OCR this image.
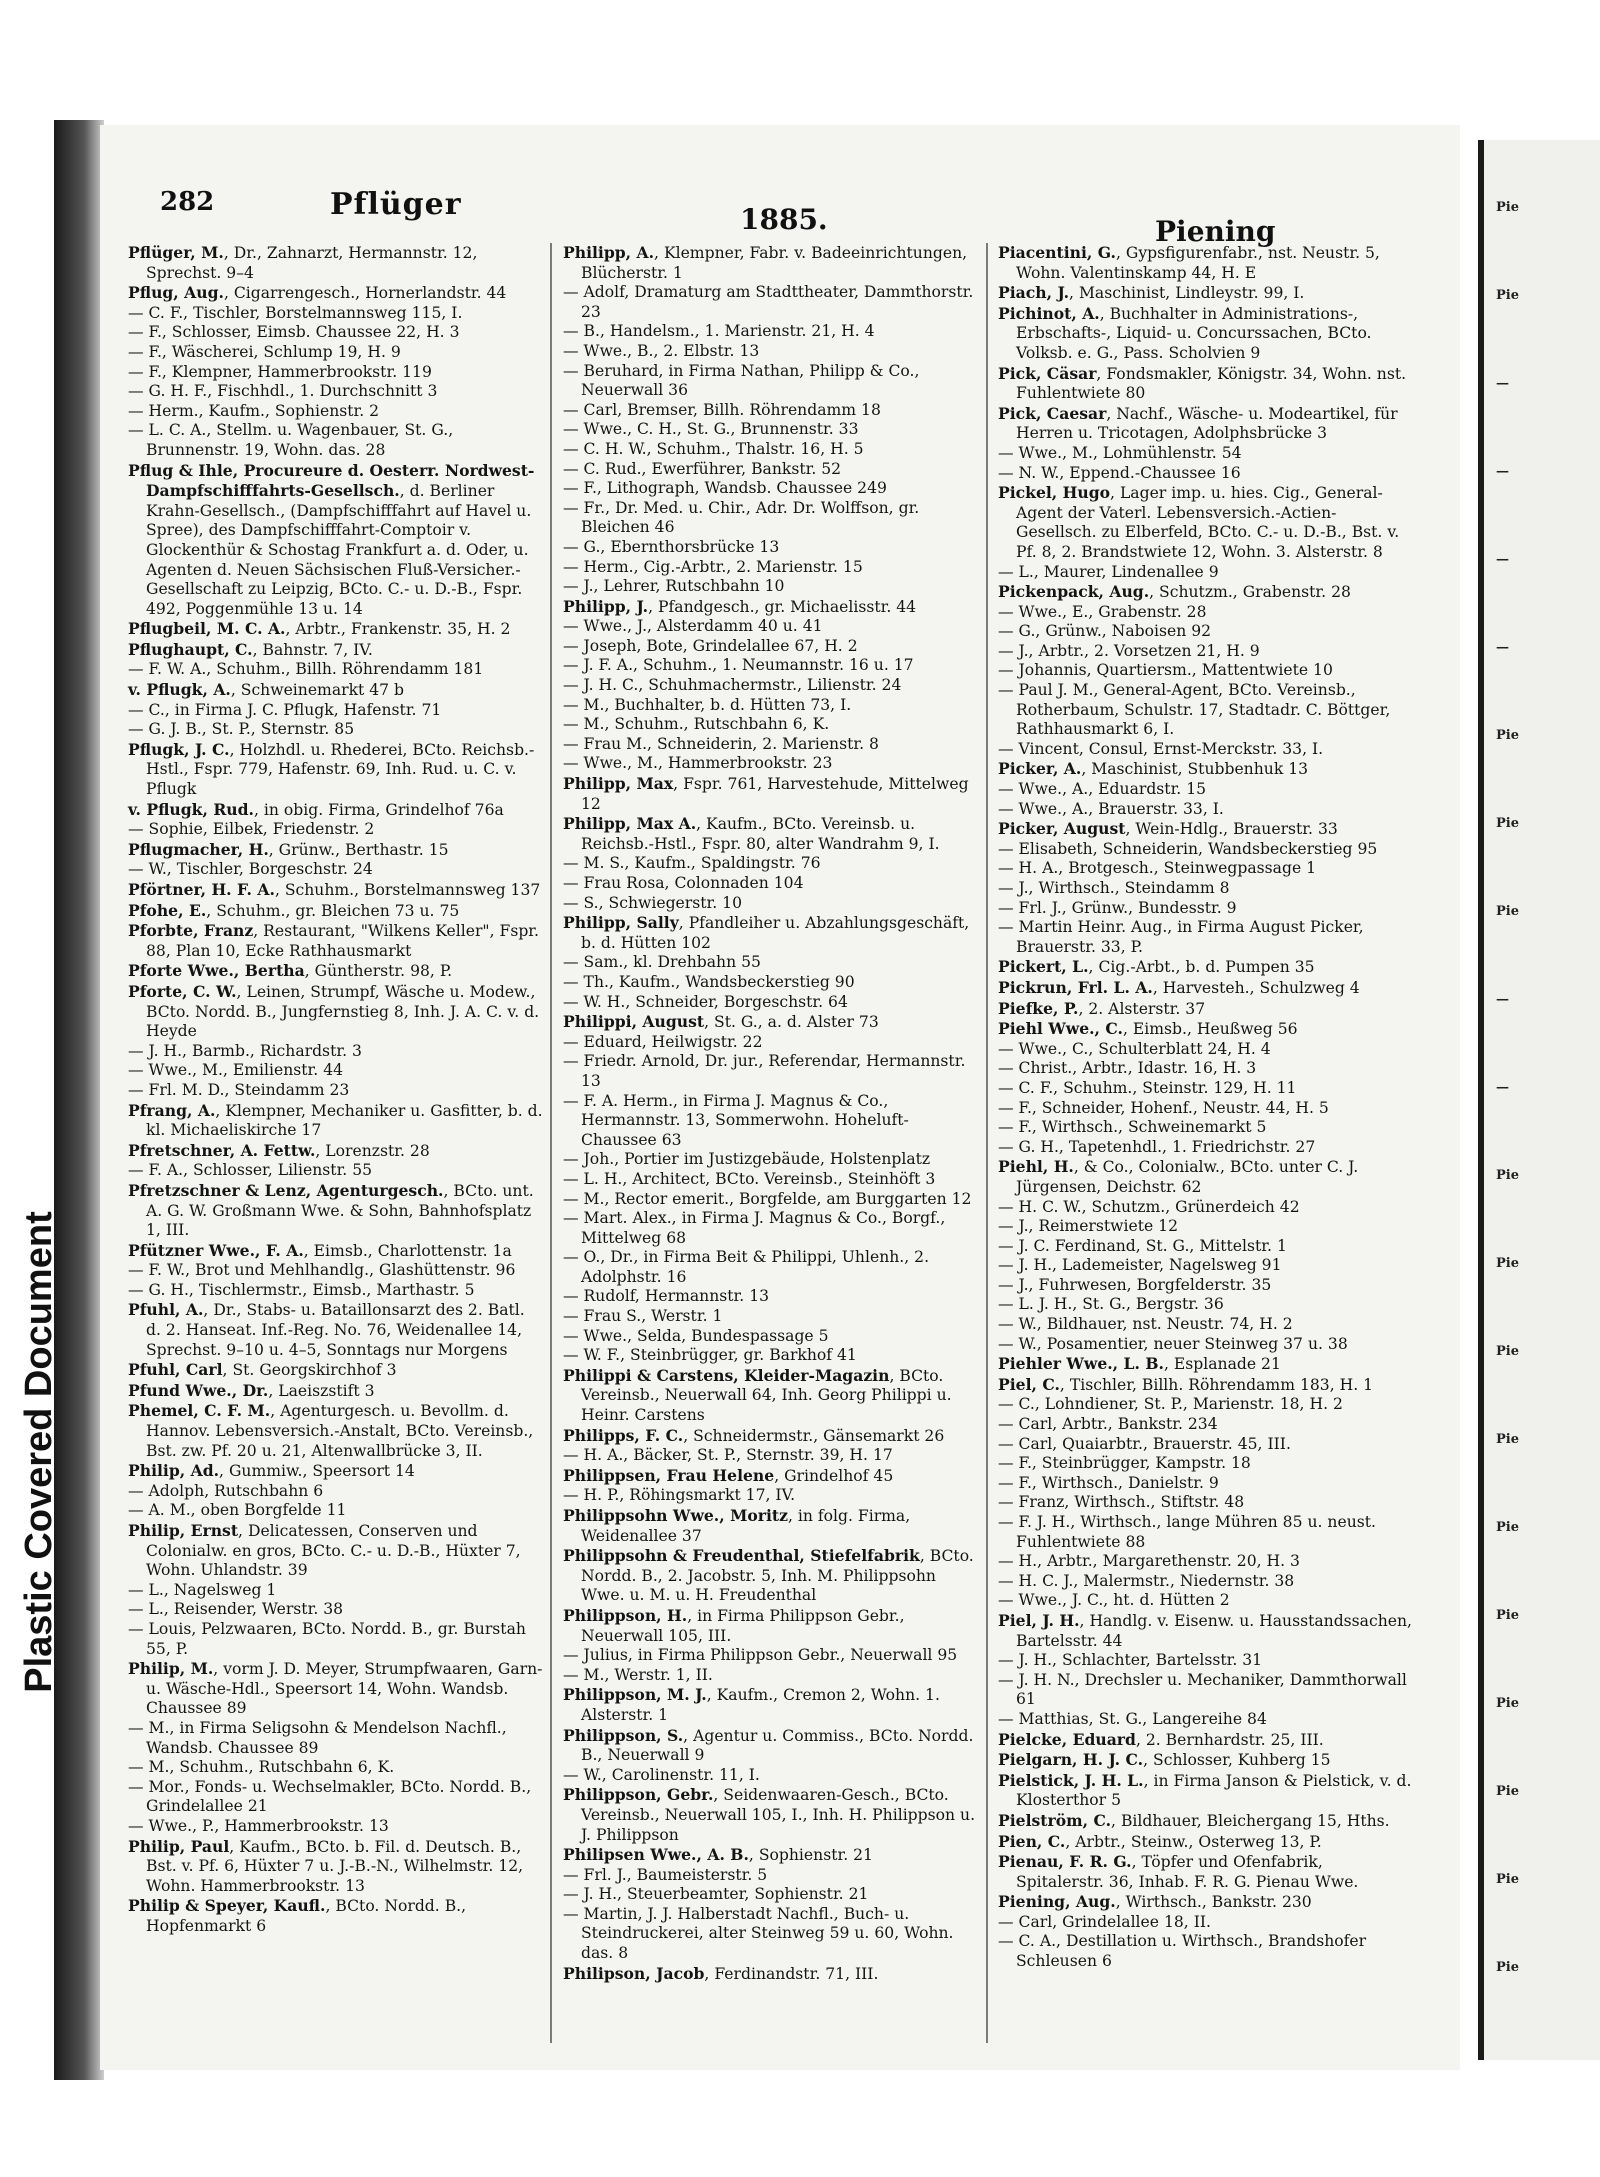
Plastic Covered Document
282	Pflüger	1885.	Piening
Pflüger, M., Dr., Zahnarzt, Hermannstr. 12, Sprechst. 9–4
Pflug, Aug., Cigarrengesch., Hornerlandstr. 44
— C. F., Tischler, Borstelmannsweg 115, I.
— F., Schlosser, Eimsb. Chaussee 22, H. 3
— F., Wäscherei, Schlump 19, H. 9
— F., Klempner, Hammerbrookstr. 119
— G. H. F., Fischhdl., 1. Durchschnitt 3
— Herm., Kaufm., Sophienstr. 2
— L. C. A., Stellm. u. Wagenbauer, St. G., Brunnenstr. 19, Wohn. das. 28
Pflug & Ihle, Procureure d. Oesterr. Nordwest-Dampfschifffahrts-Gesellsch., d. Berliner Krahn-Gesellsch., (Dampfschifffahrt auf Havel u. Spree), des Dampfschifffahrt-Comptoir v. Glockenthür & Schostag Frankfurt a. d. Oder, u. Agenten d. Neuen Sächsischen Fluß-Versicher.-Gesellschaft zu Leipzig, BCto. C.- u. D.-B., Fspr. 492, Poggenmühle 13 u. 14
Pflugbeil, M. C. A., Arbtr., Frankenstr. 35, H. 2
Pflughaupt, C., Bahnstr. 7, IV.
— F. W. A., Schuhm., Billh. Röhrendamm 181
v. Pflugk, A., Schweinemarkt 47 b
— C., in Firma J. C. Pflugk, Hafenstr. 71
— G. J. B., St. P., Sternstr. 85
Pflugk, J. C., Holzhdl. u. Rhederei, BCto. Reichsb.-Hstl., Fspr. 779, Hafenstr. 69, Inh. Rud. u. C. v. Pflugk
v. Pflugk, Rud., in obig. Firma, Grindelhof 76a
— Sophie, Eilbek, Friedenstr. 2
Pflugmacher, H., Grünw., Berthastr. 15
— W., Tischler, Borgeschstr. 24
Pförtner, H. F. A., Schuhm., Borstelmannsweg 137
Pfohe, E., Schuhm., gr. Bleichen 73 u. 75
Pforbte, Franz, Restaurant, "Wilkens Keller", Fspr. 88, Plan 10, Ecke Rathhausmarkt
Pforte Wwe., Bertha, Güntherstr. 98, P.
Pforte, C. W., Leinen, Strumpf, Wäsche u. Modew., BCto. Nordd. B., Jungfernstieg 8, Inh. J. A. C. v. d. Heyde
— J. H., Barmb., Richardstr. 3
— Wwe., M., Emilienstr. 44
— Frl. M. D., Steindamm 23
Pfrang, A., Klempner, Mechaniker u. Gasfitter, b. d. kl. Michaeliskirche 17
Pfretschner, A. Fettw., Lorenzstr. 28
— F. A., Schlosser, Lilienstr. 55
Pfretzschner & Lenz, Agenturgesch., BCto. unt. A. G. W. Großmann Wwe. & Sohn, Bahnhofsplatz 1, III.
Pfützner Wwe., F. A., Eimsb., Charlottenstr. 1a
— F. W., Brot und Mehlhandlg., Glashüttenstr. 96
— G. H., Tischlermstr., Eimsb., Marthastr. 5
Pfuhl, A., Dr., Stabs- u. Bataillonsarzt des 2. Batl. d. 2. Hanseat. Inf.-Reg. No. 76, Weidenallee 14, Sprechst. 9–10 u. 4–5, Sonntags nur Morgens
Pfuhl, Carl, St. Georgskirchhof 3
Pfund Wwe., Dr., Laeiszstift 3
Phemel, C. F. M., Agenturgesch. u. Bevollm. d. Hannov. Lebensversich.-Anstalt, BCto. Vereinsb., Bst. zw. Pf. 20 u. 21, Altenwallbrücke 3, II.
Philip, Ad., Gummiw., Speersort 14
— Adolph, Rutschbahn 6
— A. M., oben Borgfelde 11
Philip, Ernst, Delicatessen, Conserven und Colonialw. en gros, BCto. C.- u. D.-B., Hüxter 7, Wohn. Uhlandstr. 39
— L., Nagelsweg 1
— L., Reisender, Werstr. 38
— Louis, Pelzwaaren, BCto. Nordd. B., gr. Burstah 55, P.
Philip, M., vorm J. D. Meyer, Strumpfwaaren, Garn- u. Wäsche-Hdl., Speersort 14, Wohn. Wandsb. Chaussee 89
— M., in Firma Seligsohn & Mendelson Nachfl., Wandsb. Chaussee 89
— M., Schuhm., Rutschbahn 6, K.
— Mor., Fonds- u. Wechselmakler, BCto. Nordd. B., Grindelallee 21
— Wwe., P., Hammerbrookstr. 13
Philip, Paul, Kaufm., BCto. b. Fil. d. Deutsch. B., Bst. v. Pf. 6, Hüxter 7 u. J.-B.-N., Wilhelmstr. 12, Wohn. Hammerbrookstr. 13
Philip & Speyer, Kaufl., BCto. Nordd. B., Hopfenmarkt 6
Philipp, A., Klempner, Fabr. v. Badeeinrichtungen, Blücherstr. 1
— Adolf, Dramaturg am Stadttheater, Dammthorstr. 23
— B., Handelsm., 1. Marienstr. 21, H. 4
— Wwe., B., 2. Elbstr. 13
— Beruhard, in Firma Nathan, Philipp & Co., Neuerwall 36
— Carl, Bremser, Billh. Röhrendamm 18
— Wwe., C. H., St. G., Brunnenstr. 33
— C. H. W., Schuhm., Thalstr. 16, H. 5
— C. Rud., Ewerführer, Bankstr. 52
— F., Lithograph, Wandsb. Chaussee 249
— Fr., Dr. Med. u. Chir., Adr. Dr. Wolffson, gr. Bleichen 46
— G., Ebernthorsbrücke 13
— Herm., Cig.-Arbtr., 2. Marienstr. 15
— J., Lehrer, Rutschbahn 10
Philipp, J., Pfandgesch., gr. Michaelisstr. 44
— Wwe., J., Alsterdamm 40 u. 41
— Joseph, Bote, Grindelallee 67, H. 2
— J. F. A., Schuhm., 1. Neumannstr. 16 u. 17
— J. H. C., Schuhmachermstr., Lilienstr. 24
— M., Buchhalter, b. d. Hütten 73, I.
— M., Schuhm., Rutschbahn 6, K.
— Frau M., Schneiderin, 2. Marienstr. 8
— Wwe., M., Hammerbrookstr. 23
Philipp, Max, Fspr. 761, Harvestehude, Mittelweg 12
Philipp, Max A., Kaufm., BCto. Vereinsb. u. Reichsb.-Hstl., Fspr. 80, alter Wandrahm 9, I.
— M. S., Kaufm., Spaldingstr. 76
— Frau Rosa, Colonnaden 104
— S., Schwiegerstr. 10
Philipp, Sally, Pfandleiher u. Abzahlungsgeschäft, b. d. Hütten 102
— Sam., kl. Drehbahn 55
— Th., Kaufm., Wandsbeckerstieg 90
— W. H., Schneider, Borgeschstr. 64
Philippi, August, St. G., a. d. Alster 73
— Eduard, Heilwigstr. 22
— Friedr. Arnold, Dr. jur., Referendar, Hermannstr. 13
— F. A. Herm., in Firma J. Magnus & Co., Hermannstr. 13, Sommerwohn. Hoheluft-Chaussee 63
— Joh., Portier im Justizgebäude, Holstenplatz
— L. H., Architect, BCto. Vereinsb., Steinhöft 3
— M., Rector emerit., Borgfelde, am Burggarten 12
— Mart. Alex., in Firma J. Magnus & Co., Borgf., Mittelweg 68
— O., Dr., in Firma Beit & Philippi, Uhlenh., 2. Adolphstr. 16
— Rudolf, Hermannstr. 13
— Frau S., Werstr. 1
— Wwe., Selda, Bundespassage 5
— W. F., Steinbrügger, gr. Barkhof 41
Philippi & Carstens, Kleider-Magazin, BCto. Vereinsb., Neuerwall 64, Inh. Georg Philippi u. Heinr. Carstens
Philipps, F. C., Schneidermstr., Gänsemarkt 26
— H. A., Bäcker, St. P., Sternstr. 39, H. 17
Philippsen, Frau Helene, Grindelhof 45
— H. P., Röhingsmarkt 17, IV.
Philippsohn Wwe., Moritz, in folg. Firma, Weidenallee 37
Philippsohn & Freudenthal, Stiefelfabrik, BCto. Nordd. B., 2. Jacobstr. 5, Inh. M. Philippsohn Wwe. u. M. u. H. Freudenthal
Philippson, H., in Firma Philippson Gebr., Neuerwall 105, III.
— Julius, in Firma Philippson Gebr., Neuerwall 95
— M., Werstr. 1, II.
Philippson, M. J., Kaufm., Cremon 2, Wohn. 1. Alsterstr. 1
Philippson, S., Agentur u. Commiss., BCto. Nordd. B., Neuerwall 9
— W., Carolinenstr. 11, I.
Philippson, Gebr., Seidenwaaren-Gesch., BCto. Vereinsb., Neuerwall 105, I., Inh. H. Philippson u. J. Philippson
Philipsen Wwe., A. B., Sophienstr. 21
— Frl. J., Baumeisterstr. 5
— J. H., Steuerbeamter, Sophienstr. 21
— Martin, J. J. Halberstadt Nachfl., Buch- u. Steindruckerei, alter Steinweg 59 u. 60, Wohn. das. 8
Philipson, Jacob, Ferdinandstr. 71, III.
Piacentini, G., Gypsfigurenfabr., nst. Neustr. 5, Wohn. Valentinskamp 44, H. E
Piach, J., Maschinist, Lindleystr. 99, I.
Pichinot, A., Buchhalter in Administrations-, Erbschafts-, Liquid- u. Concurssachen, BCto. Volksb. e. G., Pass. Scholvien 9
Pick, Cäsar, Fondsmakler, Königstr. 34, Wohn. nst. Fuhlentwiete 80
Pick, Caesar, Nachf., Wäsche- u. Modeartikel, für Herren u. Tricotagen, Adolphsbrücke 3
— Wwe., M., Lohmühlenstr. 54
— N. W., Eppend.-Chaussee 16
Pickel, Hugo, Lager imp. u. hies. Cig., General-Agent der Vaterl. Lebensversich.-Actien-Gesellsch. zu Elberfeld, BCto. C.- u. D.-B., Bst. v. Pf. 8, 2. Brandstwiete 12, Wohn. 3. Alsterstr. 8
— L., Maurer, Lindenallee 9
Pickenpack, Aug., Schutzm., Grabenstr. 28
— Wwe., E., Grabenstr. 28
— G., Grünw., Naboisen 92
— J., Arbtr., 2. Vorsetzen 21, H. 9
— Johannis, Quartiersm., Mattentwiete 10
— Paul J. M., General-Agent, BCto. Vereinsb., Rotherbaum, Schulstr. 17, Stadtadr. C. Böttger, Rathhausmarkt 6, I.
— Vincent, Consul, Ernst-Merckstr. 33, I.
Picker, A., Maschinist, Stubbenhuk 13
— Wwe., A., Eduardstr. 15
— Wwe., A., Brauerstr. 33, I.
Picker, August, Wein-Hdlg., Brauerstr. 33
— Elisabeth, Schneiderin, Wandsbeckerstieg 95
— H. A., Brotgesch., Steinwegpassage 1
— J., Wirthsch., Steindamm 8
— Frl. J., Grünw., Bundesstr. 9
— Martin Heinr. Aug., in Firma August Picker, Brauerstr. 33, P.
Pickert, L., Cig.-Arbt., b. d. Pumpen 35
Pickrun, Frl. L. A., Harvesteh., Schulzweg 4
Piefke, P., 2. Alsterstr. 37
Piehl Wwe., C., Eimsb., Heußweg 56
— Wwe., C., Schulterblatt 24, H. 4
— Christ., Arbtr., Idastr. 16, H. 3
— C. F., Schuhm., Steinstr. 129, H. 11
— F., Schneider, Hohenf., Neustr. 44, H. 5
— F., Wirthsch., Schweinemarkt 5
— G. H., Tapetenhdl., 1. Friedrichstr. 27
Piehl, H., & Co., Colonialw., BCto. unter C. J. Jürgensen, Deichstr. 62
— H. C. W., Schutzm., Grünerdeich 42
— J., Reimerstwiete 12
— J. C. Ferdinand, St. G., Mittelstr. 1
— J. H., Lademeister, Nagelsweg 91
— J., Fuhrwesen, Borgfelderstr. 35
— L. J. H., St. G., Bergstr. 36
— W., Bildhauer, nst. Neustr. 74, H. 2
— W., Posamentier, neuer Steinweg 37 u. 38
Piehler Wwe., L. B., Esplanade 21
Piel, C., Tischler, Billh. Röhrendamm 183, H. 1
— C., Lohndiener, St. P., Marienstr. 18, H. 2
— Carl, Arbtr., Bankstr. 234
— Carl, Quaiarbtr., Brauerstr. 45, III.
— F., Steinbrügger, Kampstr. 18
— F., Wirthsch., Danielstr. 9
— Franz, Wirthsch., Stiftstr. 48
— F. J. H., Wirthsch., lange Mühren 85 u. neust. Fuhlentwiete 88
— H., Arbtr., Margarethenstr. 20, H. 3
— H. C. J., Malermstr., Niedernstr. 38
— Wwe., J. C., ht. d. Hütten 2
Piel, J. H., Handlg. v. Eisenw. u. Hausstandssachen, Bartelsstr. 44
— J. H., Schlachter, Bartelsstr. 31
— J. H. N., Drechsler u. Mechaniker, Dammthorwall 61
— Matthias, St. G., Langereihe 84
Pielcke, Eduard, 2. Bernhardstr. 25, III.
Pielgarn, H. J. C., Schlosser, Kuhberg 15
Pielstick, J. H. L., in Firma Janson & Pielstick, v. d. Klosterthor 5
Pielström, C., Bildhauer, Bleichergang 15, Hths.
Pien, C., Arbtr., Steinw., Osterweg 13, P.
Pienau, F. R. G., Töpfer und Ofenfabrik, Spitalerstr. 36, Inhab. F. R. G. Pienau Wwe.
Piening, Aug., Wirthsch., Bankstr. 230
— Carl, Grindelallee 18, II.
— C. A., Destillation u. Wirthsch., Brandshofer Schleusen 6
Pie
Pie
—
—
—
—
Pie
Pie
Pie
—
—
Pie
Pie
Pie
Pie
Pie
Pie
Pie
Pie
Pie
Pie
